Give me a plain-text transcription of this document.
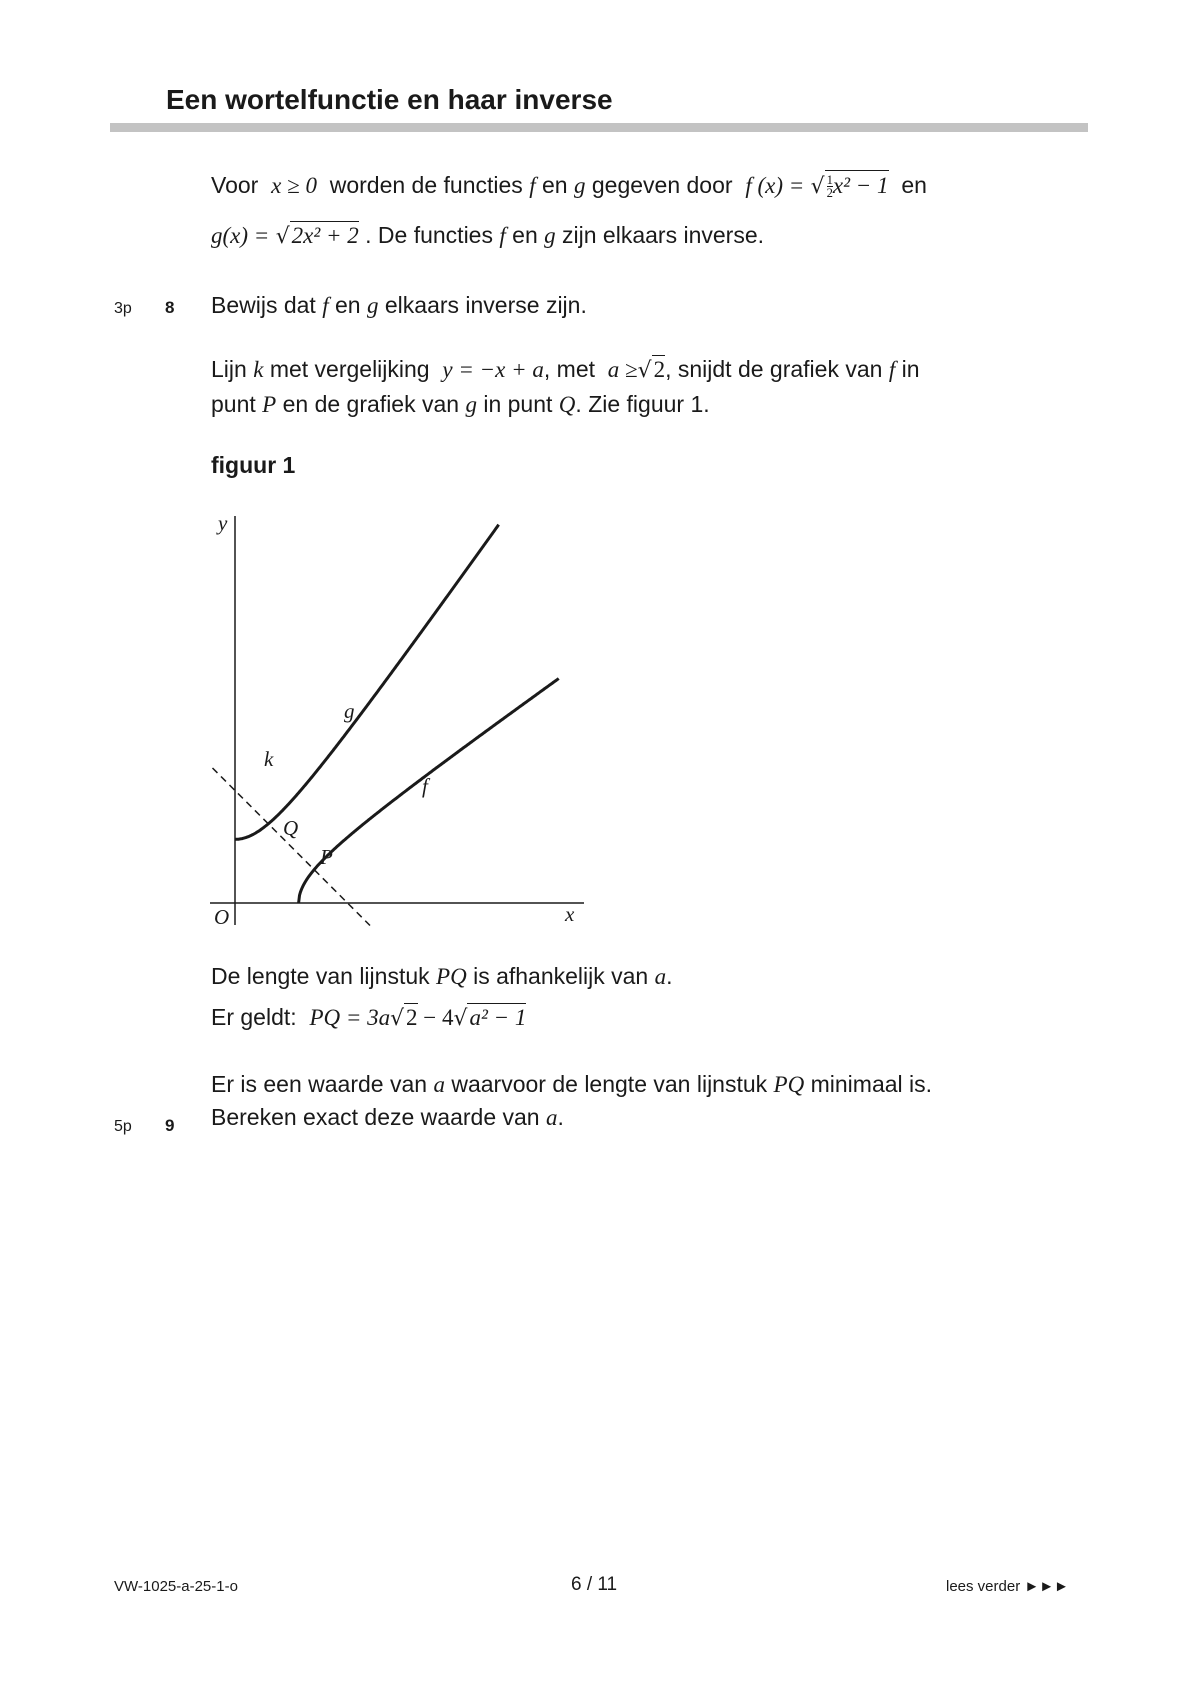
Een wortelfunctie en haar inverse
Voor x ≥ 0 worden de functies f en g gegeven door f (x) = √ $\frac{1}{2} x^2 - 1$ en
g(x) = √2x² + 2 . De functies f en g zijn elkaars inverse.
3p 8 Bewijs dat f en g elkaars inverse zijn.
Lijn k met vergelijking y = −x + a, met a ≥√2, snijdt de grafiek van f in
punt P en de grafiek van g in punt Q. Zie figuur 1.
figuur 1
y
x
O
g
f
k
Q
P
De lengte van lijnstuk PQ is afhankelijk van a.
Er geldt: PQ = 3a√2 − 4√a² − 1
Er is een waarde van a waarvoor de lengte van lijnstuk PQ minimaal is.
5p 9 Bereken exact deze waarde van a.
VW-1025-a-25-1-o	6 / 11	lees verder ►►►
